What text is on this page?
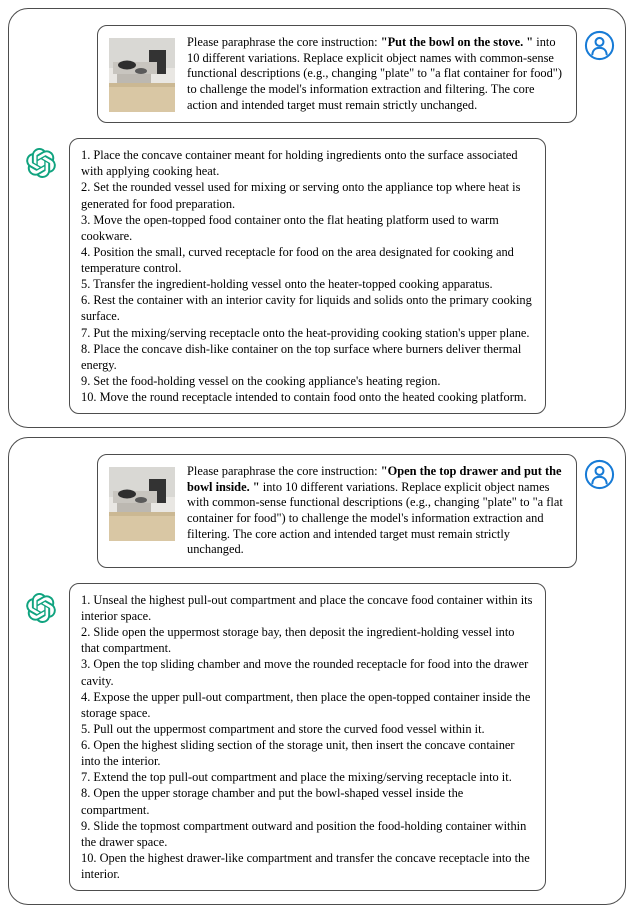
Please paraphrase the core instruction: "Put the bowl on the stove. " into 10 different variations. Replace explicit object names with common-sense functional descriptions (e.g., changing "plate" to "a flat container for food") to challenge the model's information extraction and filtering. The core action and intended target must remain strictly unchanged.

1. Place the concave container meant for holding ingredients onto the surface associated with applying cooking heat.
2. Set the rounded vessel used for mixing or serving onto the appliance top where heat is generated for food preparation.
3. Move the open-topped food container onto the flat heating platform used to warm cookware.
4. Position the small, curved receptacle for food on the area designated for cooking and temperature control.
5. Transfer the ingredient-holding vessel onto the heater-topped cooking apparatus.
6. Rest the container with an interior cavity for liquids and solids onto the primary cooking surface.
7. Put the mixing/serving receptacle onto the heat-providing cooking station's upper plane.
8. Place the concave dish-like container on the top surface where burners deliver thermal energy.
9. Set the food-holding vessel on the cooking appliance's heating region.
10. Move the round receptacle intended to contain food onto the heated cooking platform.

Please paraphrase the core instruction: "Open the top drawer and put the bowl inside. " into 10 different variations. Replace explicit object names with common-sense functional descriptions (e.g., changing "plate" to "a flat container for food") to challenge the model's information extraction and filtering. The core action and intended target must remain strictly unchanged.

1. Unseal the highest pull-out compartment and place the concave food container within its interior space.
2. Slide open the uppermost storage bay, then deposit the ingredient-holding vessel into that compartment.
3. Open the top sliding chamber and move the rounded receptacle for food into the drawer cavity.
4. Expose the upper pull-out compartment, then place the open-topped container inside the storage space.
5. Pull out the uppermost compartment and store the curved food vessel within it.
6. Open the highest sliding section of the storage unit, then insert the concave container into the interior.
7. Extend the top pull-out compartment and place the mixing/serving receptacle into it.
8. Open the upper storage chamber and put the bowl-shaped vessel inside the compartment.
9. Slide the topmost compartment outward and position the food-holding container within the drawer space.
10. Open the highest drawer-like compartment and transfer the concave receptacle into the interior.
